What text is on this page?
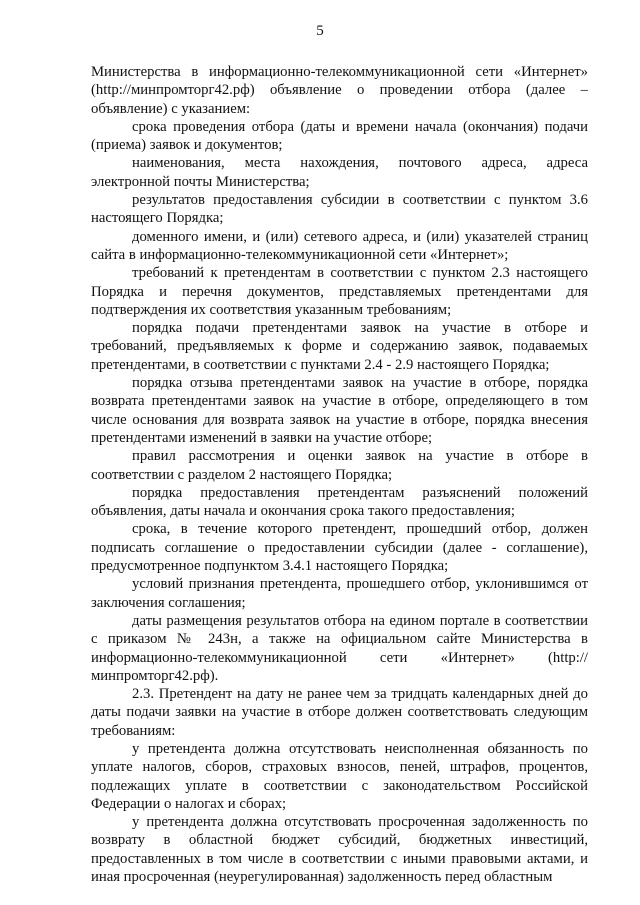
5

Министерства в информационно-телекоммуникационной сети «Интернет» (http://минпромторг42.рф) объявление о проведении отбора (далее – объявление) с указанием:

срока проведения отбора (даты и времени начала (окончания) подачи (приема) заявок и документов;

наименования, места нахождения, почтового адреса, адреса электронной почты Министерства;

результатов предоставления субсидии в соответствии с пунктом 3.6 настоящего Порядка;

доменного имени, и (или) сетевого адреса, и (или) указателей страниц сайта в информационно-телекоммуникационной сети «Интернет»;

требований к претендентам в соответствии с пунктом 2.3 настоящего Порядка и перечня документов, представляемых претендентами для подтверждения их соответствия указанным требованиям;

порядка подачи претендентами заявок на участие в отборе и требований, предъявляемых к форме и содержанию заявок, подаваемых претендентами, в соответствии с пунктами 2.4 - 2.9 настоящего Порядка;

порядка отзыва претендентами заявок на участие в отборе, порядка возврата претендентами заявок на участие в отборе, определяющего в том числе основания для возврата заявок на участие в отборе, порядка внесения претендентами изменений в заявки на участие отборе;

правил рассмотрения и оценки заявок на участие в отборе в соответствии с разделом 2 настоящего Порядка;

порядка предоставления претендентам разъяснений положений объявления, даты начала и окончания срока такого предоставления;

срока, в течение которого претендент, прошедший отбор, должен подписать соглашение о предоставлении субсидии (далее - соглашение), предусмотренное подпунктом 3.4.1 настоящего Порядка;

условий признания претендента, прошедшего отбор, уклонившимся от заключения соглашения;

даты размещения результатов отбора на едином портале в соответствии с приказом № 243н, а также на официальном сайте Министерства в информационно-телекоммуникационной сети «Интернет» (http://минпромторг42.рф).

2.3. Претендент на дату не ранее чем за тридцать календарных дней до даты подачи заявки на участие в отборе должен соответствовать следующим требованиям:

у претендента должна отсутствовать неисполненная обязанность по уплате налогов, сборов, страховых взносов, пеней, штрафов, процентов, подлежащих уплате в соответствии с законодательством Российской Федерации о налогах и сборах;

у претендента должна отсутствовать просроченная задолженность по возврату в областной бюджет субсидий, бюджетных инвестиций, предоставленных в том числе в соответствии с иными правовыми актами, и иная просроченная (неурегулированная) задолженность перед областным
